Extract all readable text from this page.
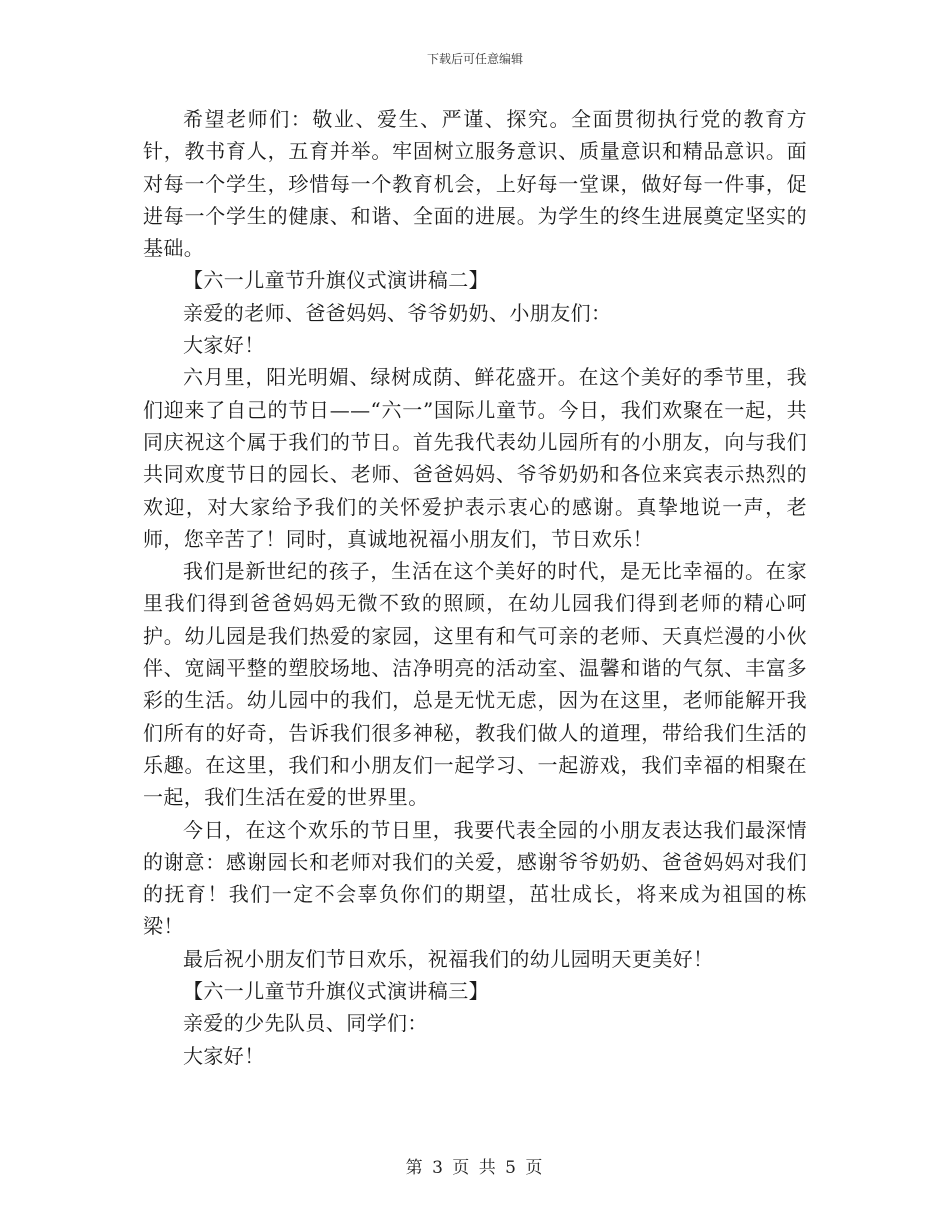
下载后可任意编辑

希望老师们：敬业、爱生、严谨、探究。全面贯彻执行党的教育方针，教书育人，五育并举。牢固树立服务意识、质量意识和精品意识。面对每一个学生，珍惜每一个教育机会，上好每一堂课，做好每一件事，促进每一个学生的健康、和谐、全面的进展。为学生的终生进展奠定坚实的基础。

【六一儿童节升旗仪式演讲稿二】

亲爱的老师、爸爸妈妈、爷爷奶奶、小朋友们：

大家好！

六月里，阳光明媚、绿树成荫、鲜花盛开。在这个美好的季节里，我们迎来了自己的节日——“六一”国际儿童节。今日，我们欢聚在一起，共同庆祝这个属于我们的节日。首先我代表幼儿园所有的小朋友，向与我们共同欢度节日的园长、老师、爸爸妈妈、爷爷奶奶和各位来宾表示热烈的欢迎，对大家给予我们的关怀爱护表示衷心的感谢。真挚地说一声，老师，您辛苦了！同时，真诚地祝福小朋友们，节日欢乐！

我们是新世纪的孩子，生活在这个美好的时代，是无比幸福的。在家里我们得到爸爸妈妈无微不致的照顾，在幼儿园我们得到老师的精心呵护。幼儿园是我们热爱的家园，这里有和气可亲的老师、天真烂漫的小伙伴、宽阔平整的塑胶场地、洁净明亮的活动室、温馨和谐的气氛、丰富多彩的生活。幼儿园中的我们，总是无忧无虑，因为在这里，老师能解开我们所有的好奇，告诉我们很多神秘，教我们做人的道理，带给我们生活的乐趣。在这里，我们和小朋友们一起学习、一起游戏，我们幸福的相聚在一起，我们生活在爱的世界里。

今日，在这个欢乐的节日里，我要代表全园的小朋友表达我们最深情的谢意：感谢园长和老师对我们的关爱，感谢爷爷奶奶、爸爸妈妈对我们的抚育！我们一定不会辜负你们的期望，茁壮成长，将来成为祖国的栋梁！

最后祝小朋友们节日欢乐，祝福我们的幼儿园明天更美好！

【六一儿童节升旗仪式演讲稿三】

亲爱的少先队员、同学们：

大家好！

第 3 页 共 5 页
